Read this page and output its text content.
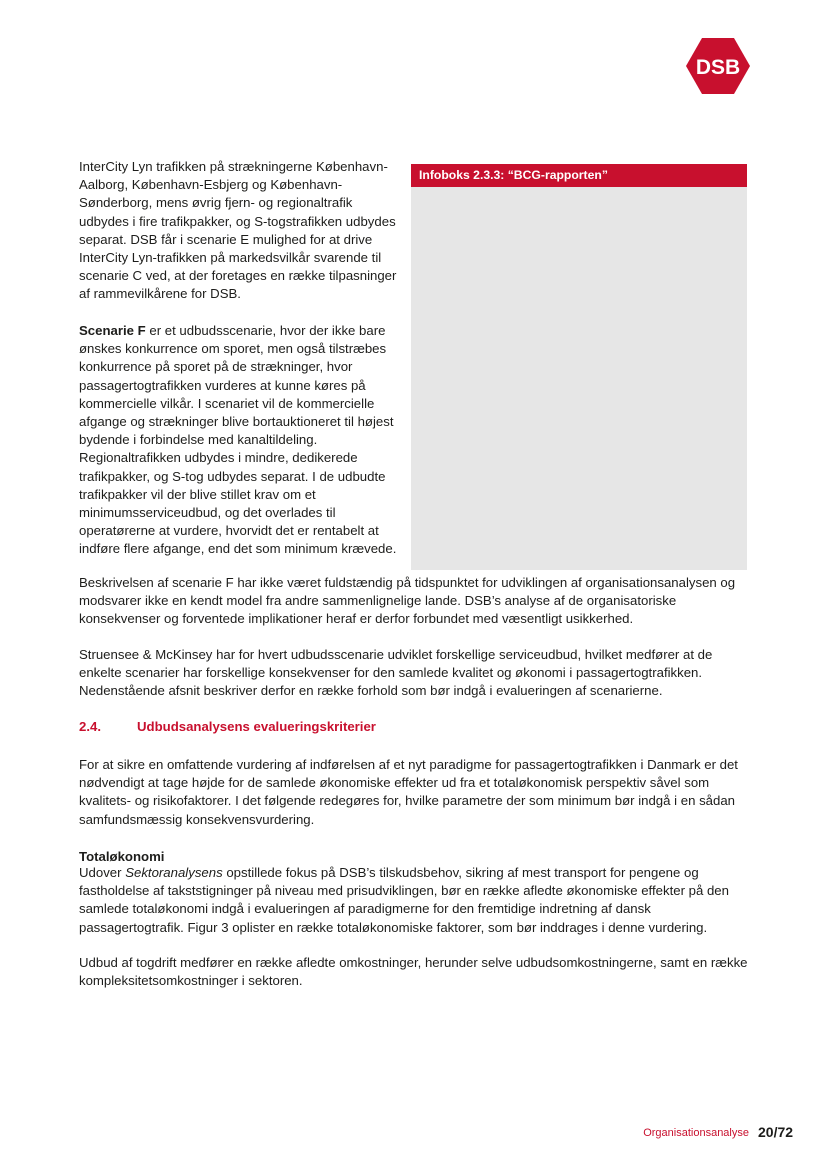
DSB

InterCity Lyn trafikken på strækningerne København-Aalborg, København-Esbjerg og København-Sønderborg, mens øvrig fjern- og regionaltrafik udbydes i fire trafikpakker, og S-togstrafikken udbydes separat. DSB får i scenarie E mulighed for at drive InterCity Lyn-trafikken på markedsvilkår svarende til scenarie C ved, at der foretages en række tilpasninger af rammevilkårene for DSB.

Scenarie F er et udbudsscenarie, hvor der ikke bare ønskes konkurrence om sporet, men også tilstræbes konkurrence på sporet på de strækninger, hvor passagertogtrafikken vurderes at kunne køres på kommercielle vilkår. I scenariet vil de kommercielle afgange og strækninger blive bortauktioneret til højest bydende i forbindelse med kanaltildeling. Regionaltrafikken udbydes i mindre, dedikerede trafikpakker, og S-tog udbydes separat. I de udbudte trafikpakker vil der blive stillet krav om et minimumsserviceudbud, og det overlades til operatørerne at vurdere, hvorvidt det er rentabelt at indføre flere afgange, end det som minimum krævede.

Infoboks 2.3.3: “BCG-rapporten”

Beskrivelsen af scenarie F har ikke været fuldstændig på tidspunktet for udviklingen af organisationsanalysen og modsvarer ikke en kendt model fra andre sammenlignelige lande. DSB’s analyse af de organisatoriske konsekvenser og forventede implikationer heraf er derfor forbundet med væsentligt usikkerhed.

Struensee & McKinsey har for hvert udbudsscenarie udviklet forskellige serviceudbud, hvilket medfører at de enkelte scenarier har forskellige konsekvenser for den samlede kvalitet og økonomi i passagertogtrafikken. Nedenstående afsnit beskriver derfor en række forhold som bør indgå i evalueringen af scenarierne.

2.4.	Udbudsanalysens evalueringskriterier

For at sikre en omfattende vurdering af indførelsen af et nyt paradigme for passagertogtrafikken i Danmark er det nødvendigt at tage højde for de samlede økonomiske effekter ud fra et totaløkonomisk perspektiv såvel som kvalitets- og risikofaktorer. I det følgende redegøres for, hvilke parametre der som minimum bør indgå i en sådan samfundsmæssig konsekvensvurdering.

Totaløkonomi

Udover Sektoranalysens opstillede fokus på DSB’s tilskudsbehov, sikring af mest transport for pengene og fastholdelse af takststigninger på niveau med prisudviklingen, bør en række afledte økonomiske effekter på den samlede totaløkonomi indgå i evalueringen af paradigmerne for den fremtidige indretning af dansk passagertogtrafik. Figur 3 oplister en række totaløkonomiske faktorer, som bør inddrages i denne vurdering.

Udbud af togdrift medfører en række afledte omkostninger, herunder selve udbudsomkostningerne, samt en række kompleksitetsomkostninger i sektoren.

Organisationsanalyse 20/72
